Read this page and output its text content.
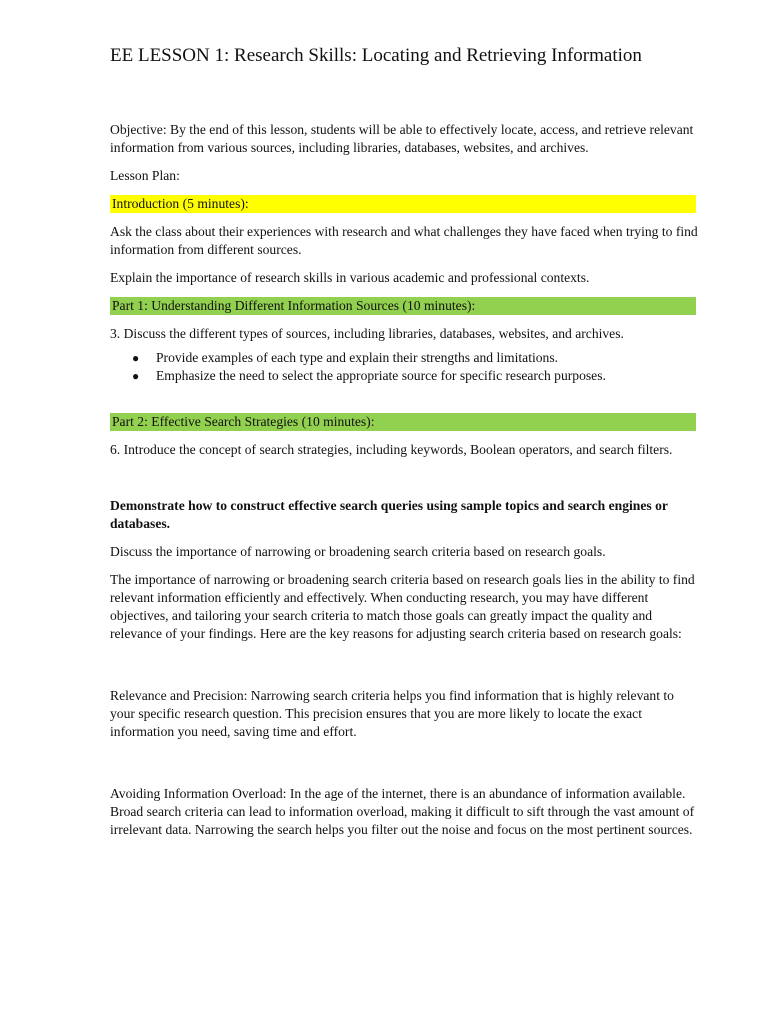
EE LESSON 1: Research Skills: Locating and Retrieving Information

Objective: By the end of this lesson, students will be able to effectively locate, access, and retrieve relevant information from various sources, including libraries, databases, websites, and archives.

Lesson Plan:

Introduction (5 minutes):

Ask the class about their experiences with research and what challenges they have faced when trying to find information from different sources.

Explain the importance of research skills in various academic and professional contexts.

Part 1: Understanding Different Information Sources (10 minutes):

3. Discuss the different types of sources, including libraries, databases, websites, and archives.

● Provide examples of each type and explain their strengths and limitations.
● Emphasize the need to select the appropriate source for specific research purposes.
Part 2: Effective Search Strategies (10 minutes):

6. Introduce the concept of search strategies, including keywords, Boolean operators, and search filters.

Demonstrate how to construct effective search queries using sample topics and search engines or databases.

Discuss the importance of narrowing or broadening search criteria based on research goals.

The importance of narrowing or broadening search criteria based on research goals lies in the ability to find relevant information efficiently and effectively. When conducting research, you may have different objectives, and tailoring your search criteria to match those goals can greatly impact the quality and relevance of your findings. Here are the key reasons for adjusting search criteria based on research goals:

Relevance and Precision: Narrowing search criteria helps you find information that is highly relevant to your specific research question. This precision ensures that you are more likely to locate the exact information you need, saving time and effort.

Avoiding Information Overload: In the age of the internet, there is an abundance of information available. Broad search criteria can lead to information overload, making it difficult to sift through the vast amount of irrelevant data. Narrowing the search helps you filter out the noise and focus on the most pertinent sources.
